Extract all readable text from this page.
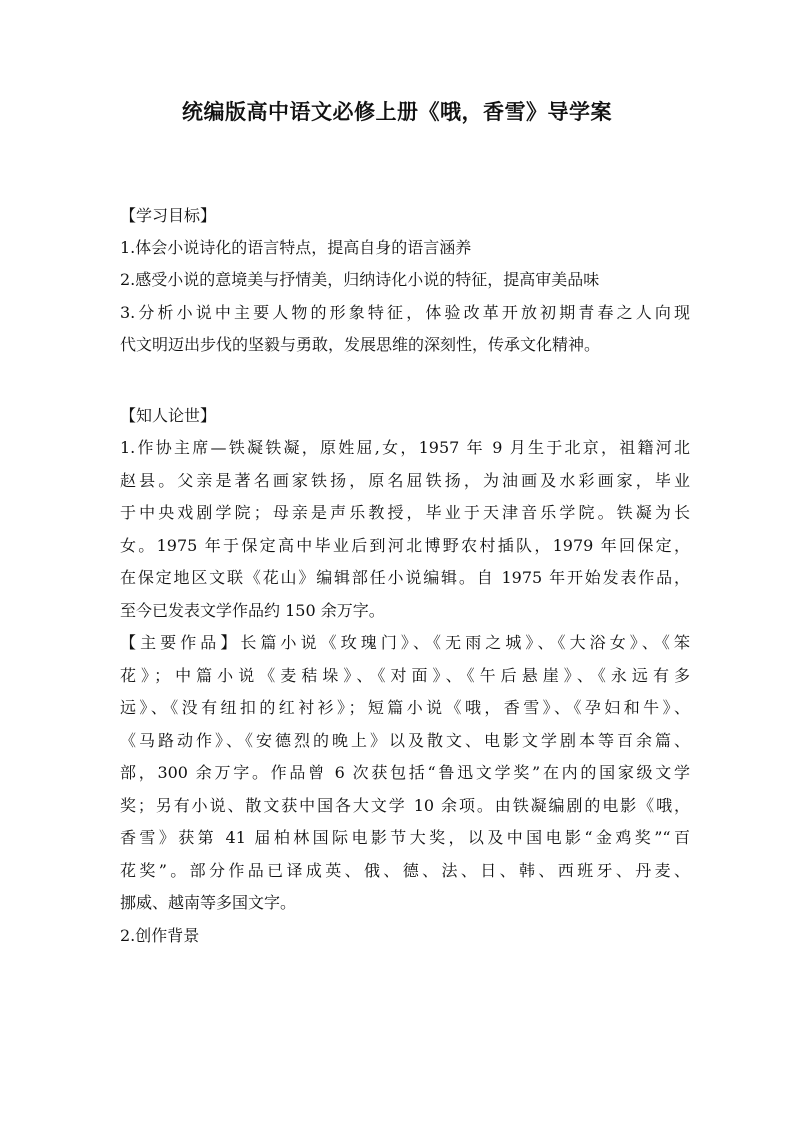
统编版高中语文必修上册《哦，香雪》导学案
【学习目标】
1.体会小说诗化的语言特点，提高自身的语言涵养
2.感受小说的意境美与抒情美，归纳诗化小说的特征，提高审美品味
3.分析小说中主要人物的形象特征，体验改革开放初期青春之人向现
代文明迈出步伐的坚毅与勇敢，发展思维的深刻性，传承文化精神。
【知人论世】
1.作协主席—铁凝铁凝，原姓屈,女，1957 年 9 月生于北京，祖籍河北
赵县。父亲是著名画家铁扬，原名屈铁扬，为油画及水彩画家，毕业
于中央戏剧学院；母亲是声乐教授，毕业于天津音乐学院。铁凝为长
女。1975 年于保定高中毕业后到河北博野农村插队，1979 年回保定，
在保定地区文联《花山》编辑部任小说编辑。自 1975 年开始发表作品，
至今已发表文学作品约 150 余万字。
【主要作品】长篇小说《玫瑰门》、《无雨之城》、《大浴女》、《笨
花》；中篇小说《麦秸垛》、《对面》、《午后悬崖》、《永远有多
远》、《没有纽扣的红衬衫》；短篇小说《哦，香雪》、《孕妇和牛》、
《马路动作》、《安德烈的晚上》以及散文、电影文学剧本等百余篇、
部，300 余万字。作品曾 6 次获包括“鲁迅文学奖”在内的国家级文学
奖；另有小说、散文获中国各大文学 10 余项。由铁凝编剧的电影《哦，
香雪》获第 41 届柏林国际电影节大奖，以及中国电影“金鸡奖”“百
花奖”。部分作品已译成英、俄、德、法、日、韩、西班牙、丹麦、
挪威、越南等多国文字。
2.创作背景
